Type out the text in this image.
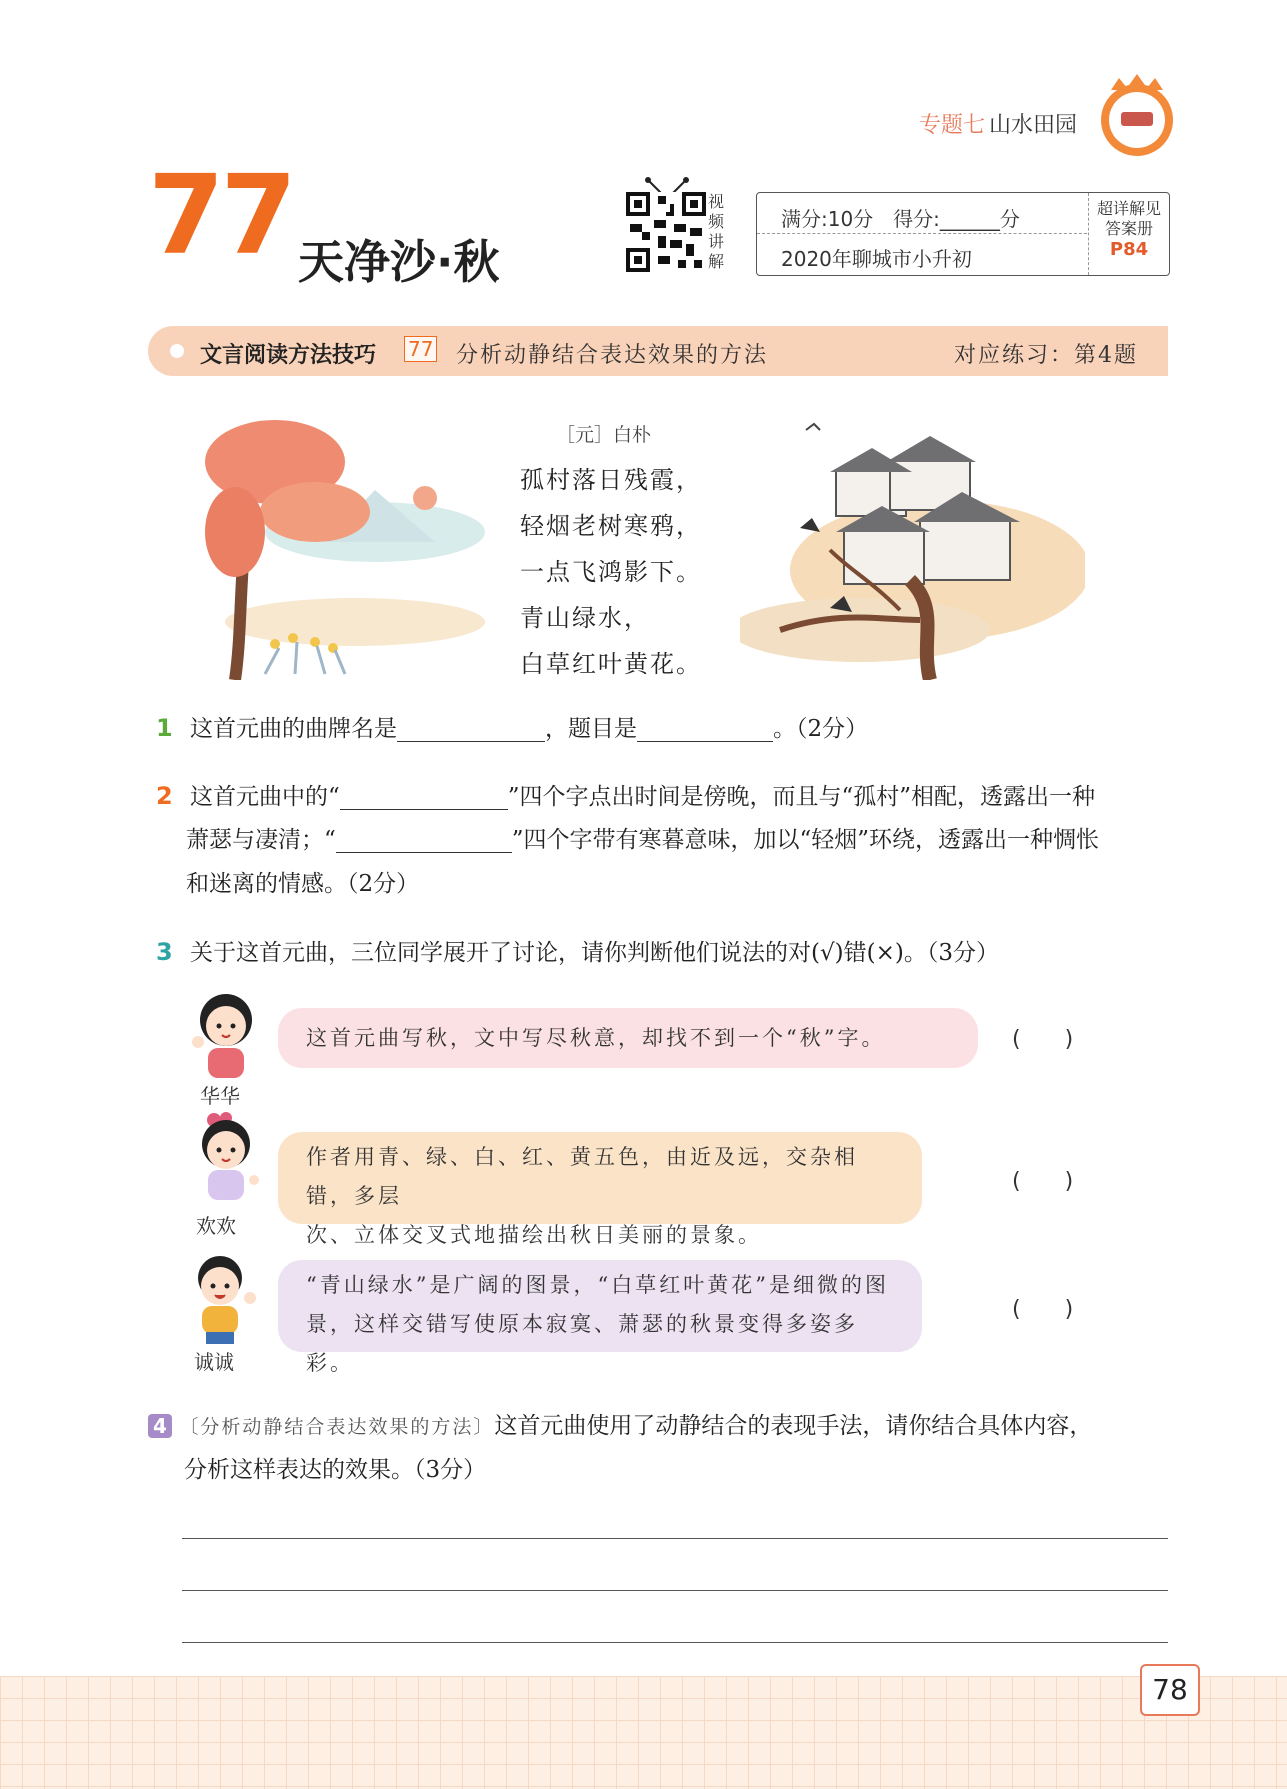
专题七 山水田园
77 天净沙·秋
视频讲解
满分:10分　得分:______分
2020年聊城市小升初
超详解见答案册
P84
文言阅读方法技巧 77 分析动静结合表达效果的方法	对应练习：第4题
［元］白朴
孤村落日残霞，
轻烟老树寒鸦，
一点飞鸿影下。
青山绿水，
白草红叶黄花。
1 这首元曲的曲牌名是	，题目是	。（2分）
2 这首元曲中的“	”四个字点出时间是傍晚，而且与“孤村”相配，透露出一种
萧瑟与凄清；“	”四个字带有寒暮意味，加以“轻烟”环绕，透露出一种惆怅
和迷离的情感。（2分）
3 关于这首元曲，三位同学展开了讨论，请你判断他们说法的对(√)错(×)。（3分）
华华
这首元曲写秋，文中写尽秋意，却找不到一个“秋”字。	(　　)
欢欢
作者用青、绿、白、红、黄五色，由近及远，交杂相错，多层
次、立体交叉式地描绘出秋日美丽的景象。
(　　)
诚诚
“青山绿水”是广阔的图景，“白草红叶黄花”是细微的图
景，这样交错写使原本寂寞、萧瑟的秋景变得多姿多彩。
(　　)
4 〔分析动静结合表达效果的方法〕这首元曲使用了动静结合的表现手法，请你结合具体内容，
分析这样表达的效果。（3分）
78
